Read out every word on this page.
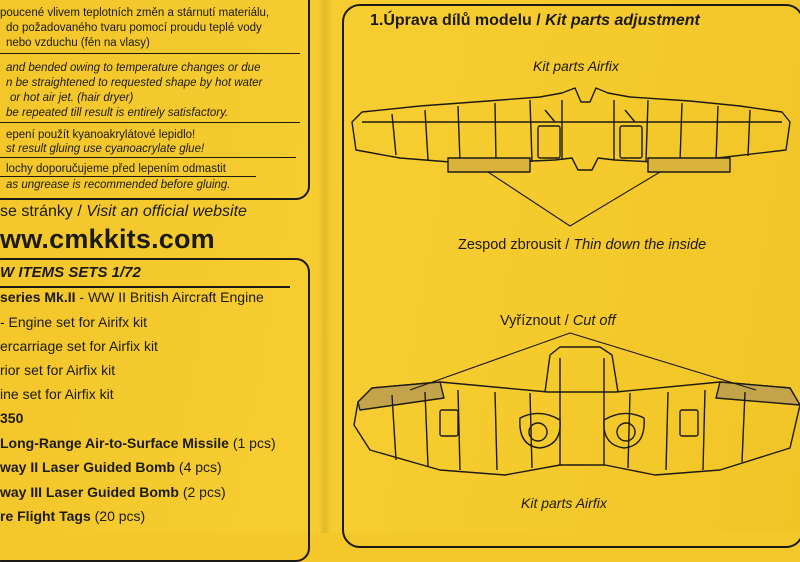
poucené vlivem teplotních změn a stárnutí materiálu,
do požadovaného tvaru pomocí proudu teplé vody
nebo vzduchu (fén na vlasy)
and bended owing to temperature changes or due
n be straightened to requested shape by hot water
or hot air jet. (hair dryer)
be repeated till result is entirely satisfactory.
epení použít kyanoakrylátové lepidlo!
st result gluing use cyanoacrylate glue!
lochy doporučujeme před lepením odmastit
as ungrease is recommended before gluing.
se stránky / Visit an official website
ww.cmkkits.com
W ITEMS SETS 1/72
series Mk.II - WW II British Aircraft Engine
- Engine set for Airifx kit
ercarriage set for Airfix kit
rior set for Airfix kit
ine set for Airfix kit
350
Long-Range Air-to-Surface Missile (1 pcs)
way II Laser Guided Bomb (4 pcs)
way III Laser Guided Bomb (2 pcs)
re Flight Tags (20 pcs)
1.Úprava dílů modelu / Kit parts adjustment
Kit parts Airfix
Zespod zbrousit / Thin down the inside
Vyříznout / Cut off
Kit parts Airfix
